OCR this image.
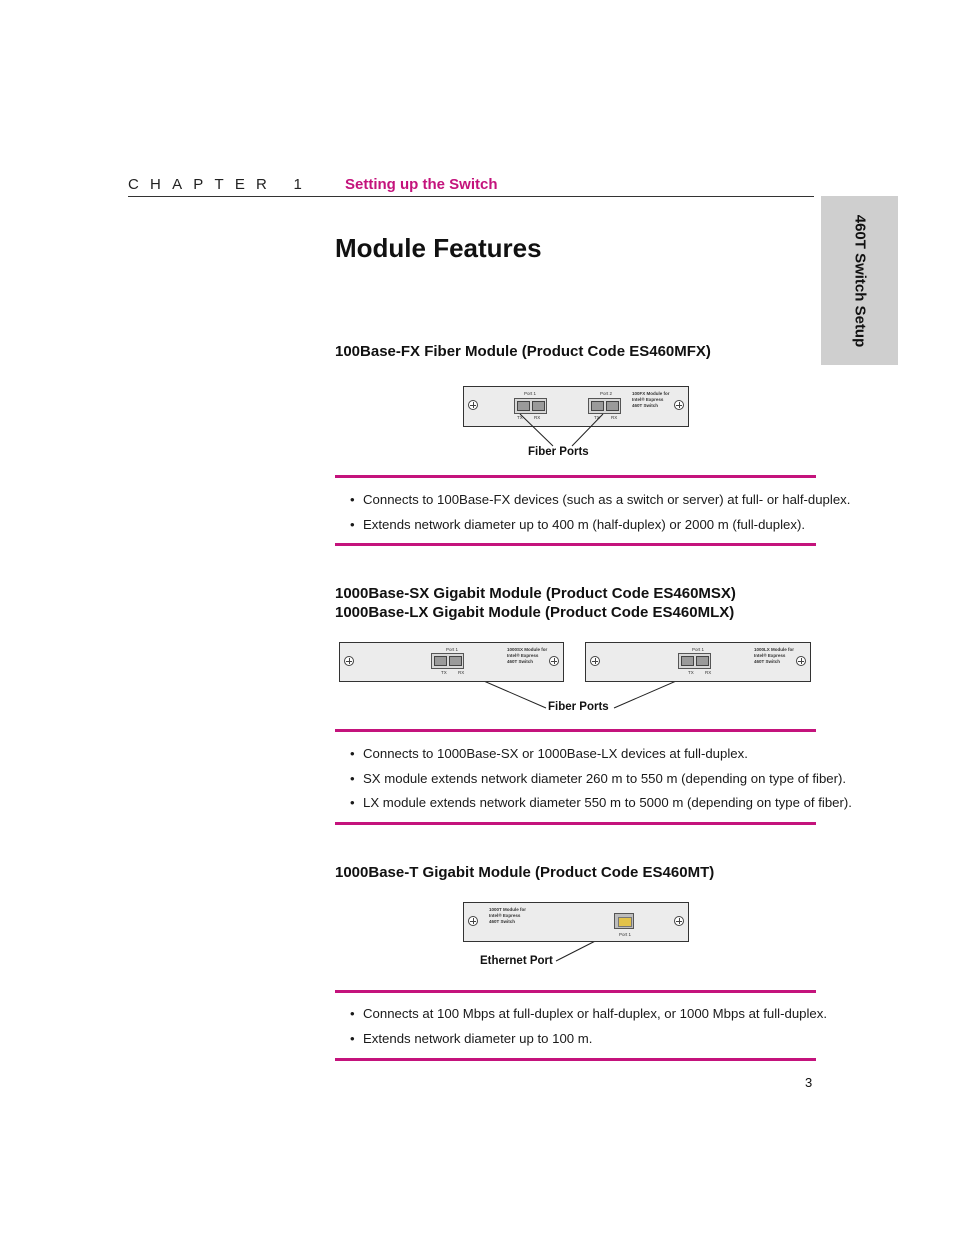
CHAPTER 1 Setting up the Switch
460T Switch Setup
Module Features
100Base-FX Fiber Module (Product Code ES460MFX)
Port 1
TX RX
Port 2
TX RX
100FX Module for
Intel® Express
460T Switch
Fiber Ports
• Connects to 100Base-FX devices (such as a switch or server) at full- or half-duplex.
• Extends network diameter up to 400 m (half-duplex) or 2000 m (full-duplex).
1000Base-SX Gigabit Module (Product Code ES460MSX)
1000Base-LX Gigabit Module (Product Code ES460MLX)
Port 1
TX RX
1000SX Module for
Intel® Express
460T Switch
Port 1
TX RX
1000LX Module for
Intel® Express
460T Switch
Fiber Ports
• Connects to 1000Base-SX or 1000Base-LX devices at full-duplex.
• SX module extends network diameter 260 m to 550 m (depending on type of fiber).
• LX module extends network diameter 550 m to 5000 m (depending on type of fiber).
1000Base-T Gigabit Module (Product Code ES460MT)
1000T Module for
Intel® Express
460T Switch
Port 1
Ethernet Port
• Connects at 100 Mbps at full-duplex or half-duplex, or 1000 Mbps at full-duplex.
• Extends network diameter up to 100 m.
3
